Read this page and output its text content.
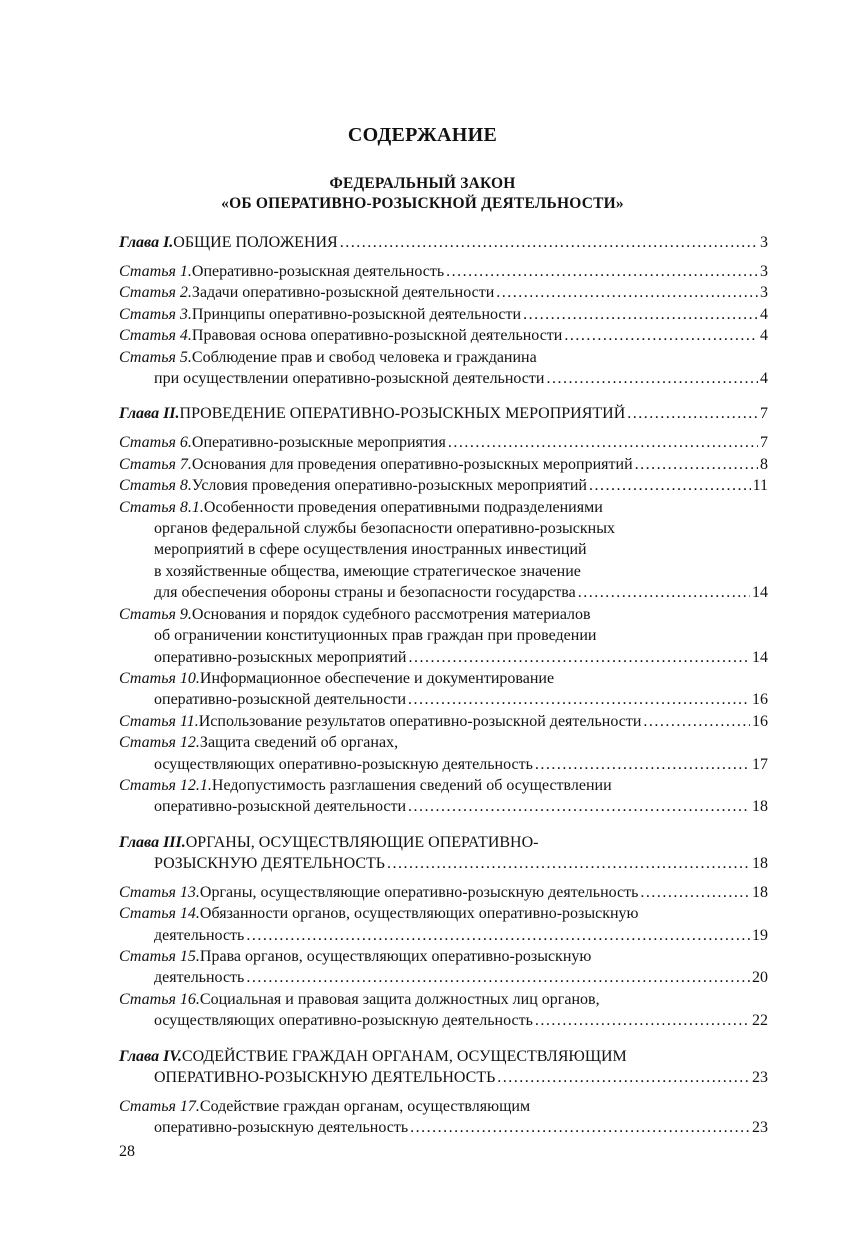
СОДЕРЖАНИЕ
ФЕДЕРАЛЬНЫЙ ЗАКОН
«ОБ ОПЕРАТИВНО-РОЗЫСКНОЙ ДЕЯТЕЛЬНОСТИ»
Глава I. ОБЩИЕ ПОЛОЖЕНИЯ .....	3
Статья 1. Оперативно-розыскная деятельность .....	3
Статья 2. Задачи оперативно-розыскной деятельности .....	3
Статья 3. Принципы оперативно-розыскной деятельности .....	4
Статья 4. Правовая основа оперативно-розыскной деятельности .....	4
Статья 5. Соблюдение прав и свобод человека и гражданина
при осуществлении оперативно-розыскной деятельности .....	4
Глава II. ПРОВЕДЕНИЕ ОПЕРАТИВНО-РОЗЫСКНЫХ МЕРОПРИЯТИЙ .....	7
Статья 6. Оперативно-розыскные мероприятия .....	7
Статья 7. Основания для проведения оперативно-розыскных мероприятий .....	8
Статья 8. Условия проведения оперативно-розыскных мероприятий .....	11
Статья 8.1. Особенности проведения оперативными подразделениями
органов федеральной службы безопасности оперативно-розыскных
мероприятий в сфере осуществления иностранных инвестиций
в хозяйственные общества, имеющие стратегическое значение
для обеспечения обороны страны и безопасности государства .....	14
Статья 9. Основания и порядок судебного рассмотрения материалов
об ограничении конституционных прав граждан при проведении
оперативно-розыскных мероприятий .....	14
Статья 10. Информационное обеспечение и документирование
оперативно-розыскной деятельности .....	16
Статья 11. Использование результатов оперативно-розыскной деятельности .....	16
Статья 12. Защита сведений об органах,
осуществляющих оперативно-розыскную деятельность .....	17
Статья 12.1. Недопустимость разглашения сведений об осуществлении
оперативно-розыскной деятельности .....	18
Глава III. ОРГАНЫ, ОСУЩЕСТВЛЯЮЩИЕ ОПЕРАТИВНО-
РОЗЫСКНУЮ ДЕЯТЕЛЬНОСТЬ .....	18
Статья 13. Органы, осуществляющие оперативно-розыскную деятельность .....	18
Статья 14. Обязанности органов, осуществляющих оперативно-розыскную
деятельность .....	19
Статья 15. Права органов, осуществляющих оперативно-розыскную
деятельность .....	20
Статья 16. Социальная и правовая защита должностных лиц органов,
осуществляющих оперативно-розыскную деятельность .....	22
Глава IV. СОДЕЙСТВИЕ ГРАЖДАН ОРГАНАМ, ОСУЩЕСТВЛЯЮЩИМ
ОПЕРАТИВНО-РОЗЫСКНУЮ ДЕЯТЕЛЬНОСТЬ .....	23
Статья 17. Содействие граждан органам, осуществляющим
оперативно-розыскную деятельность .....	23
28
